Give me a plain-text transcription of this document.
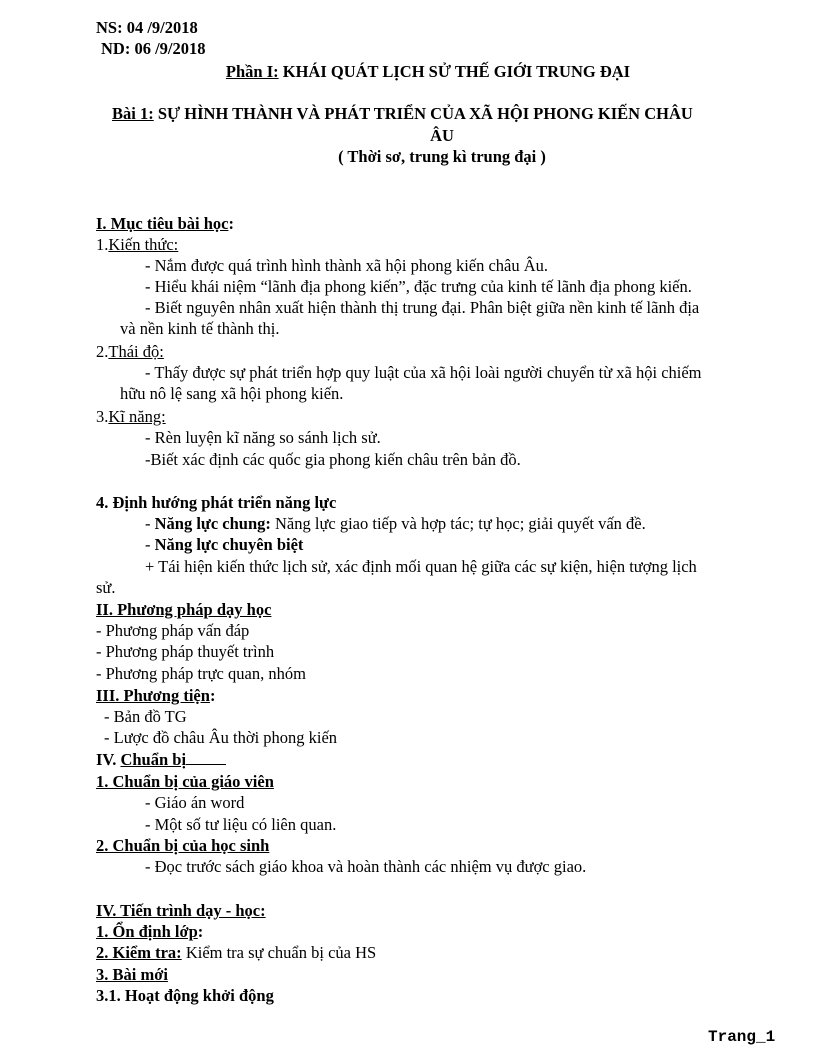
NS: 04 /9/2018
ND: 06 /9/2018
Phần I: KHÁI QUÁT LỊCH SỬ THẾ GIỚI TRUNG ĐẠI
Bài 1: SỰ HÌNH THÀNH VÀ PHÁT TRIỂN CỦA XÃ HỘI PHONG KIẾN CHÂU
ÂU
( Thời sơ, trung kì trung đại )
I. Mục tiêu bài học:
1.Kiến thức:
- Nắm được quá trình hình thành xã hội phong kiến châu Âu.
- Hiểu khái niệm “lãnh địa phong kiến”, đặc trưng của kinh tế lãnh địa phong kiến.
- Biết nguyên nhân xuất hiện thành thị trung đại. Phân biệt giữa nền kinh tế lãnh địa
và nền kinh tế thành thị.
2.Thái độ:
- Thấy được sự phát triển hợp quy luật của xã hội loài người chuyển từ xã hội chiếm
hữu nô lệ sang xã hội phong kiến.
3.Kĩ năng:
- Rèn luyện kĩ năng so sánh lịch sử.
-Biết xác định các quốc gia phong kiến châu trên bản đồ.
4. Định hướng phát triển năng lực
- Năng lực chung: Năng lực giao tiếp và hợp tác; tự học; giải quyết vấn đề.
- Năng lực chuyên biệt
+ Tái hiện kiến thức lịch sử, xác định mối quan hệ giữa các sự kiện, hiện tượng lịch
sử.
II. Phương pháp dạy học
- Phương pháp vấn đáp
- Phương pháp thuyết trình
- Phương pháp trực quan, nhóm
III. Phương tiện:
- Bản đồ TG
- Lược đồ châu Âu thời phong kiến
IV. Chuẩn bị
1. Chuẩn bị của giáo viên
- Giáo án word
- Một số tư liệu có liên quan.
2. Chuẩn bị của học sinh
- Đọc trước sách giáo khoa và hoàn thành các nhiệm vụ được giao.
IV. Tiến trình dạy - học:
1. Ổn định lớp:
2. Kiểm tra: Kiểm tra sự chuẩn bị của HS
3. Bài mới
3.1. Hoạt động khởi động
Trang_1
